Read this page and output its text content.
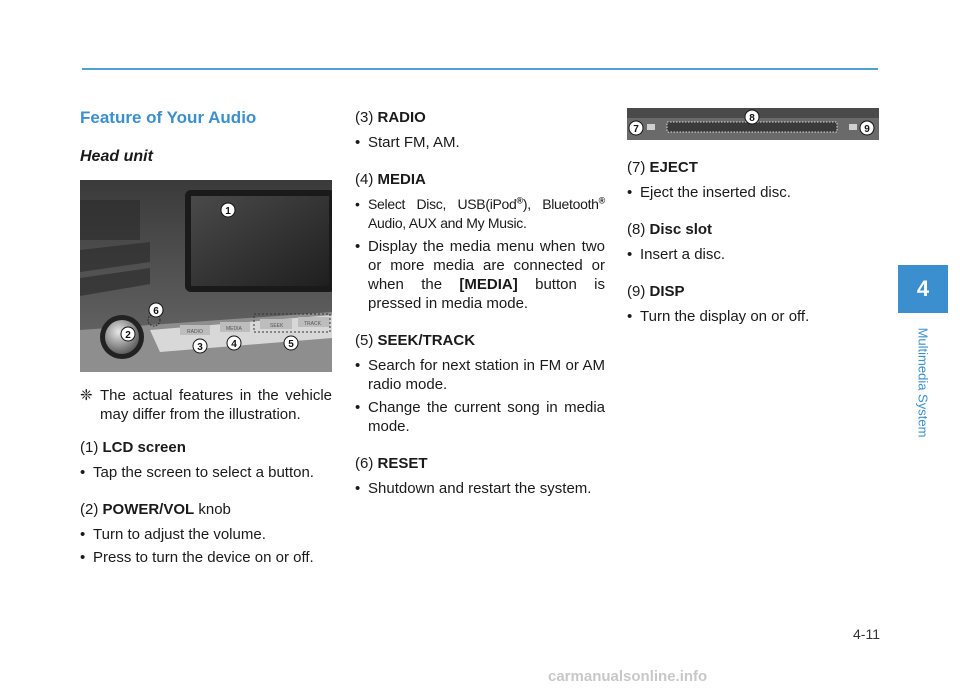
Feature of Your Audio
Head unit
RADIO	MEDIA	SEEK	TRACK
1
2
6
3	4	5
❈ The actual features in the vehicle may differ from the illustration.
(1) LCD screen
• Tap the screen to select a button.
(2) POWER/VOL knob
• Turn to adjust the volume.
• Press to turn the device on or off.
(3) RADIO
• Start FM, AM.
(4) MEDIA
• Select Disc, USB(iPod®), Bluetooth® Audio, AUX and My Music.
• Display the media menu when two or more media are connected or when the [MEDIA] button is pressed in media mode.
(5) SEEK/TRACK
• Search for next station in FM or AM radio mode.
• Change the current song in media mode.
(6) RESET
• Shutdown and restart the system.
7
8
9
(7) EJECT
• Eject the inserted disc.
(8) Disc slot
• Insert a disc.
(9) DISP
• Turn the display on or off.
4
Multimedia System
4-11
carmanualsonline.info
